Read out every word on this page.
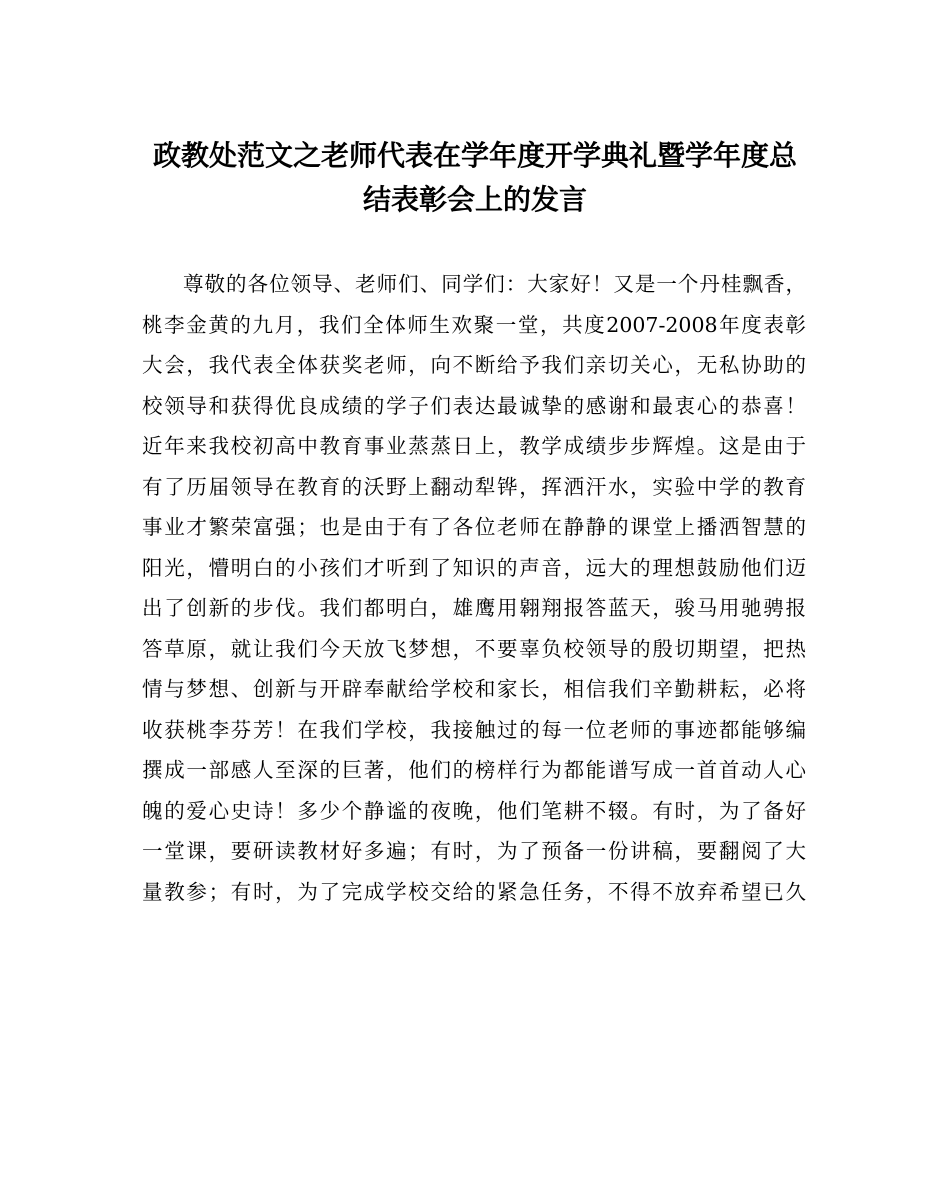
政教处范文之老师代表在学年度开学典礼暨学年度总
结表彰会上的发言
尊敬的各位领导、老师们、同学们：大家好！又是一个丹桂飘香，
桃李金黄的九月，我们全体师生欢聚一堂，共度2007-2008年度表彰
大会，我代表全体获奖老师，向不断给予我们亲切关心，无私协助的
校领导和获得优良成绩的学子们表达最诚挚的感谢和最衷心的恭喜！
近年来我校初高中教育事业蒸蒸日上，教学成绩步步辉煌。这是由于
有了历届领导在教育的沃野上翻动犁铧，挥洒汗水，实验中学的教育
事业才繁荣富强；也是由于有了各位老师在静静的课堂上播洒智慧的
阳光，懵明白的小孩们才听到了知识的声音，远大的理想鼓励他们迈
出了创新的步伐。我们都明白，雄鹰用翱翔报答蓝天，骏马用驰骋报
答草原，就让我们今天放飞梦想，不要辜负校领导的殷切期望，把热
情与梦想、创新与开辟奉献给学校和家长，相信我们辛勤耕耘，必将
收获桃李芬芳！在我们学校，我接触过的每一位老师的事迹都能够编
撰成一部感人至深的巨著，他们的榜样行为都能谱写成一首首动人心
魄的爱心史诗！多少个静谧的夜晚，他们笔耕不辍。有时，为了备好
一堂课，要研读教材好多遍；有时，为了预备一份讲稿，要翻阅了大
量教参；有时，为了完成学校交给的紧急任务，不得不放弃希望已久
